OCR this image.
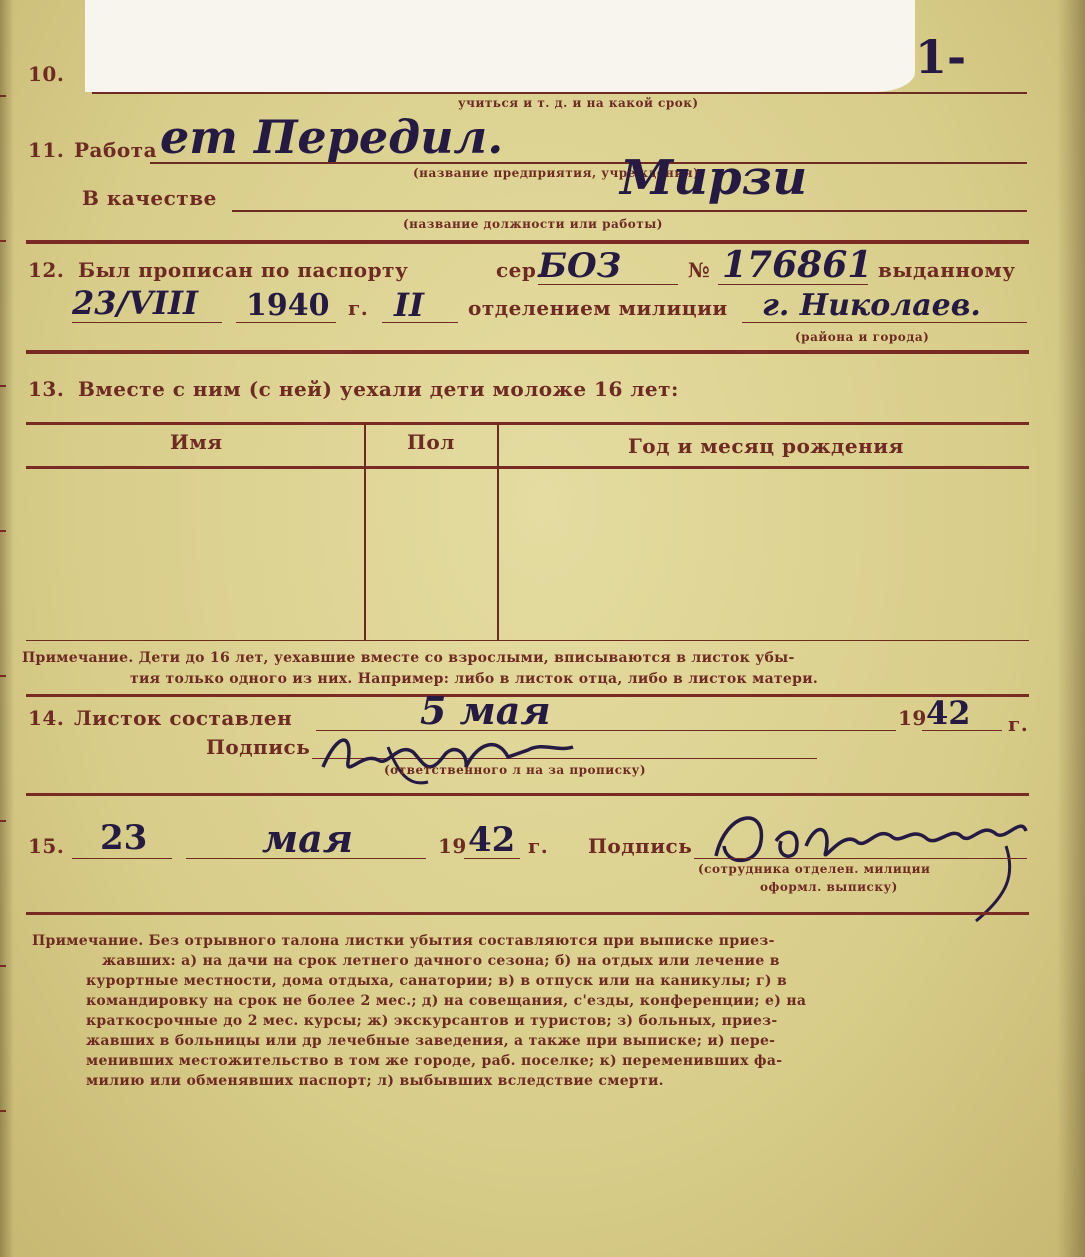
10.
учиться и т. д. и на какой срок)
1-
11. Работа ет Передил.
(название предприятия, учреждения)
В качестве	Мирзи
(название должности или работы)
12. Был прописан по паспорту	сер.
БОЗ	№ 176861 выданному
23/VIII 1940 г. II отделением милиции г. Николаев.
(района и города)
13. Вместе с ним (с ней) уехали дети моложе 16 лет:
Имя	Пол	Год и месяц рождения
Примечание. Дети до 16 лет, уехавшие вместе со взрослыми, вписываются в листок убы-
тия только одного из них. Например: либо в листок отца, либо в листок матери.
14. Листок составлен	5 мая	19 42 г.
Подпись
(ответственного л на за прописку)
15. 23	мая	19 42 г. Подпись
(сотрудника отделен. милиции
оформл. выписку)
Примечание. Без отрывного талона листки убытия составляются при выписке приез-
жавших: а) на дачи на срок летнего дачного сезона; б) на отдых или лечение в
курортные местности, дома отдыха, санатории; в) в отпуск или на каникулы; г) в
командировку на срок не более 2 мес.; д) на совещания, с'езды, конференции; е) на
краткосрочные до 2 мес. курсы; ж) экскурсантов и туристов; з) больных, приез-
жавших в больницы или др лечебные заведения, а также при выписке; и) пере-
менивших местожительство в том же городе, раб. поселке; к) переменивших фа-
милию или обменявших паспорт; л) выбывших вследствие смерти.
